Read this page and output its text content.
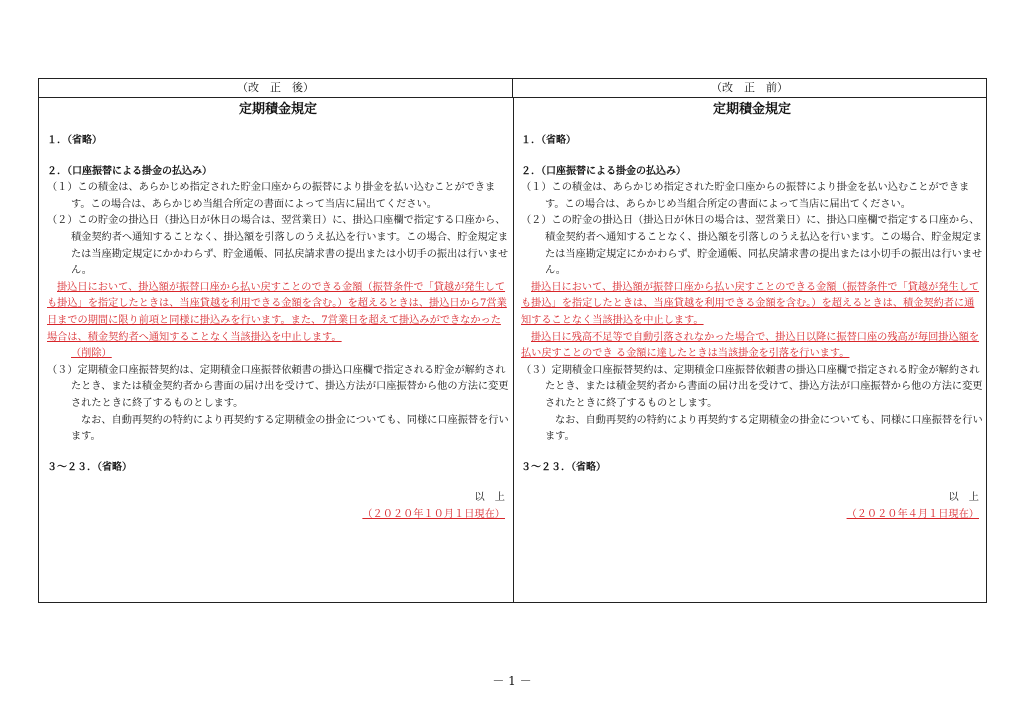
（改　正　後）	（改　正　前）
定期積金規定

１．（省略）

２．（口座振替による掛金の払込み）

（１）この積金は、あらかじめ指定された貯金口座からの振替により掛金を払い込むことができます。この場合は、あらかじめ当組合所定の書面によって当店に届出てください。

（２）この貯金の掛込日（掛込日が休日の場合は、翌営業日）に、掛込口座欄で指定する口座から、積金契約者へ通知することなく、掛込額を引落しのうえ払込を行います。この場合、貯金規定または当座勘定規定にかかわらず、貯金通帳、同払戻請求書の提出または小切手の振出は行いません。

掛込日において、掛込額が振替口座から払い戻すことのできる金額（振替条件で「貸越が発生しても掛込」を指定したときは、当座貸越を利用できる金額を含む。）を超えるときは、掛込日から7営業日までの期間に限り前項と同様に掛込みを行います。また、7営業日を超えて掛込みができなかった場合は、積金契約者へ通知することなく当該掛込を中止します。

（削除）

（３）定期積金口座振替契約は、定期積金口座振替依頼書の掛込口座欄で指定される貯金が解約されたとき、または積金契約者から書面の届け出を受けて、掛込方法が口座振替から他の方法に変更されたときに終了するものとします。

なお、自動再契約の特約により再契約する定期積金の掛金についても、同様に口座振替を行います。

３～２３．（省略）

以　上

（２０２０年１０月１日現在）

定期積金規定

１．（省略）

２．（口座振替による掛金の払込み）

（１）この積金は、あらかじめ指定された貯金口座からの振替により掛金を払い込むことができます。この場合は、あらかじめ当組合所定の書面によって当店に届出てください。

（２）この貯金の掛込日（掛込日が休日の場合は、翌営業日）に、掛込口座欄で指定する口座から、積金契約者へ通知することなく、掛込額を引落しのうえ払込を行います。この場合、貯金規定または当座勘定規定にかかわらず、貯金通帳、同払戻請求書の提出または小切手の振出は行いません。

掛込日において、掛込額が振替口座から払い戻すことのできる金額（振替条件で「貸越が発生しても掛込」を指定したときは、当座貸越を利用できる金額を含む。）を超えるときは、積金契約者に通知することなく当該掛込を中止します。

掛込日に残高不足等で自動引落されなかった場合で、掛込日以降に振替口座の残高が毎回掛込額を払い戻すことのでき る金額に達したときは当該掛金を引落を行います。

（３）定期積金口座振替契約は、定期積金口座振替依頼書の掛込口座欄で指定される貯金が解約されたとき、または積金契約者から書面の届け出を受けて、掛込方法が口座振替から他の方法に変更されたときに終了するものとします。

なお、自動再契約の特約により再契約する定期積金の掛金についても、同様に口座振替を行います。

３～２３．（省略）

以　上

（２０２０年４月１日現在）

－ 1 －
